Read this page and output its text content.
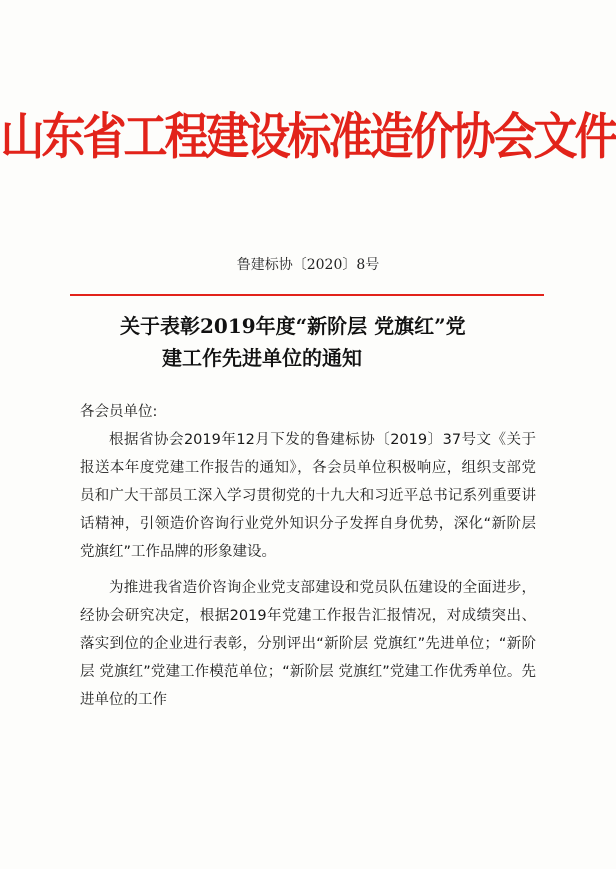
山东省工程建设标准造价协会文件
鲁建标协〔2020〕8号
关于表彰2019年度“新阶层 党旗红”党
建工作先进单位的通知
各会员单位:

根据省协会2019年12月下发的鲁建标协〔2019〕37号文《关于报送本年度党建工作报告的通知》，各会员单位积极响应，组织支部党员和广大干部员工深入学习贯彻党的十九大和习近平总书记系列重要讲话精神，引领造价咨询行业党外知识分子发挥自身优势，深化“新阶层 党旗红”工作品牌的形象建设。

为推进我省造价咨询企业党支部建设和党员队伍建设的全面进步，经协会研究决定，根据2019年党建工作报告汇报情况，对成绩突出、落实到位的企业进行表彰，分别评出“新阶层 党旗红”先进单位；“新阶层 党旗红”党建工作模范单位；“新阶层 党旗红”党建工作优秀单位。先进单位的工作
